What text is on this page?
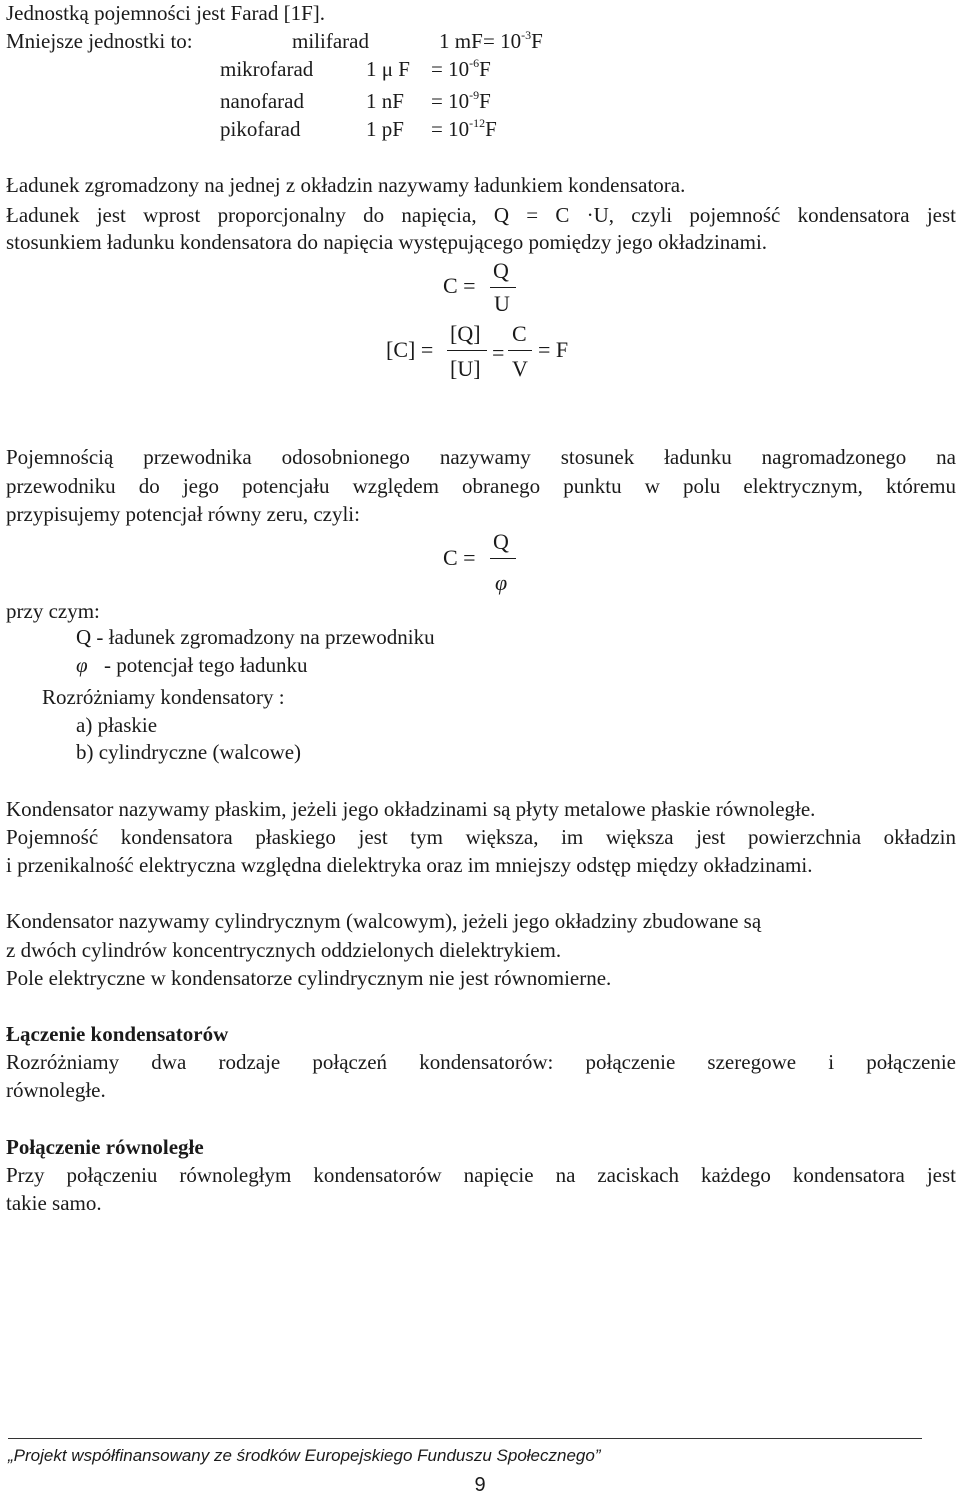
Jednostką pojemności jest Farad [1F].
Mniejsze jednostki to:	milifarad	1 mF = $10^{-3}F$
mikrofarad	1 μ $F = 10^{-6}F$
nanofarad	1 nF = $10^{-9}F$
pikofarad	1 pF = $10^{-12}F$
Ładunek zgromadzony na jednej z okładzin nazywamy ładunkiem kondensatora.
Ładunek jest wprost proporcjonalny do napięcia, Q = C ·U, czyli pojemność kondensatora jest
stosunkiem ładunku kondensatora do napięcia występującego pomiędzy jego okładzinami.
C =
Q
U
[C] =
[Q]
[U]
=
C
V
= F
Pojemnością przewodnika odosobnionego nazywamy stosunek ładunku nagromadzonego na
przewodniku do jego potencjału względem obranego punktu w polu elektrycznym, któremu
przypisujemy potencjał równy zeru, czyli:
C =
Q
φ
przy czym:
Q - ładunek zgromadzony na przewodniku
φ - potencjał tego ładunku
Rozróżniamy kondensatory :
a) płaskie
b) cylindryczne (walcowe)
Kondensator nazywamy płaskim, jeżeli jego okładzinami są płyty metalowe płaskie równoległe.
Pojemność kondensatora płaskiego jest tym większa, im większa jest powierzchnia okładzin
i przenikalność elektryczna względna dielektryka oraz im mniejszy odstęp między okładzinami.
Kondensator nazywamy cylindrycznym (walcowym), jeżeli jego okładziny zbudowane są
z dwóch cylindrów koncentrycznych oddzielonych dielektrykiem.
Pole elektryczne w kondensatorze cylindrycznym nie jest równomierne.
Łączenie kondensatorów
Rozróżniamy dwa rodzaje połączeń kondensatorów: połączenie szeregowe i połączenie
równoległe.
Połączenie równoległe
Przy połączeniu równoległym kondensatorów napięcie na zaciskach każdego kondensatora jest
takie samo.
„Projekt współfinansowany ze środków Europejskiego Funduszu Społecznego”
9
